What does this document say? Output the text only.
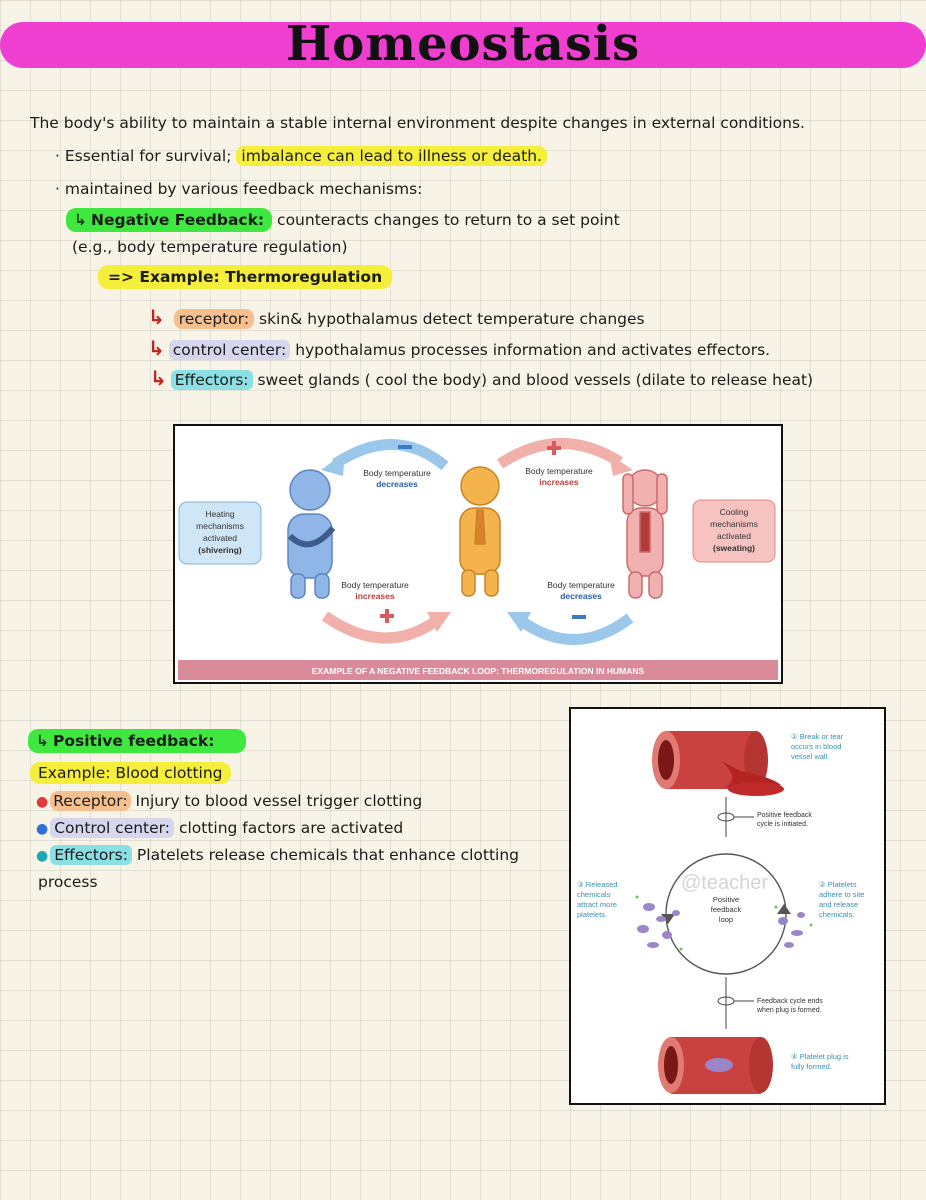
Homeostasis
The body's ability to maintain a stable internal environment despite changes in external conditions.
· Essential for survival; imbalance can lead to illness or death.
· maintained by various feedback mechanisms:
↳ Negative Feedback: counteracts changes to return to a set point
(e.g., body temperature regulation)
=> Example: Thermoregulation
↳ receptor: skin& hypothalamus detect temperature changes
↳ control center: hypothalamus processes information and activates effectors.
↳ Effectors: sweet glands ( cool the body) and blood vessels (dilate to release heat)
Heating
mechanisms
activated
(shivering)
Cooling
mechanisms
activated
(sweating)
Body temperature
decreases
Body temperature
increases
Body temperature
increases
Body temperature
decreases
EXAMPLE OF A NEGATIVE FEEDBACK LOOP: THERMOREGULATION IN HUMANS
↳ Positive feedback:
Example: Blood clotting
● Receptor: Injury to blood vessel trigger clotting
● Control center: clotting factors are activated
● Effectors: Platelets release chemicals that enhance clotting
process
① Break or tear
occurs in blood
vessel wall.
Positive feedback
cycle is initiated.
Positive
feedback
loop
③ Released
chemicals
attract more
platelets.
② Platelets
adhere to site
and release
chemicals.
@teacher
Feedback cycle ends
when plug is formed.
④ Platelet plug is
fully formed.
